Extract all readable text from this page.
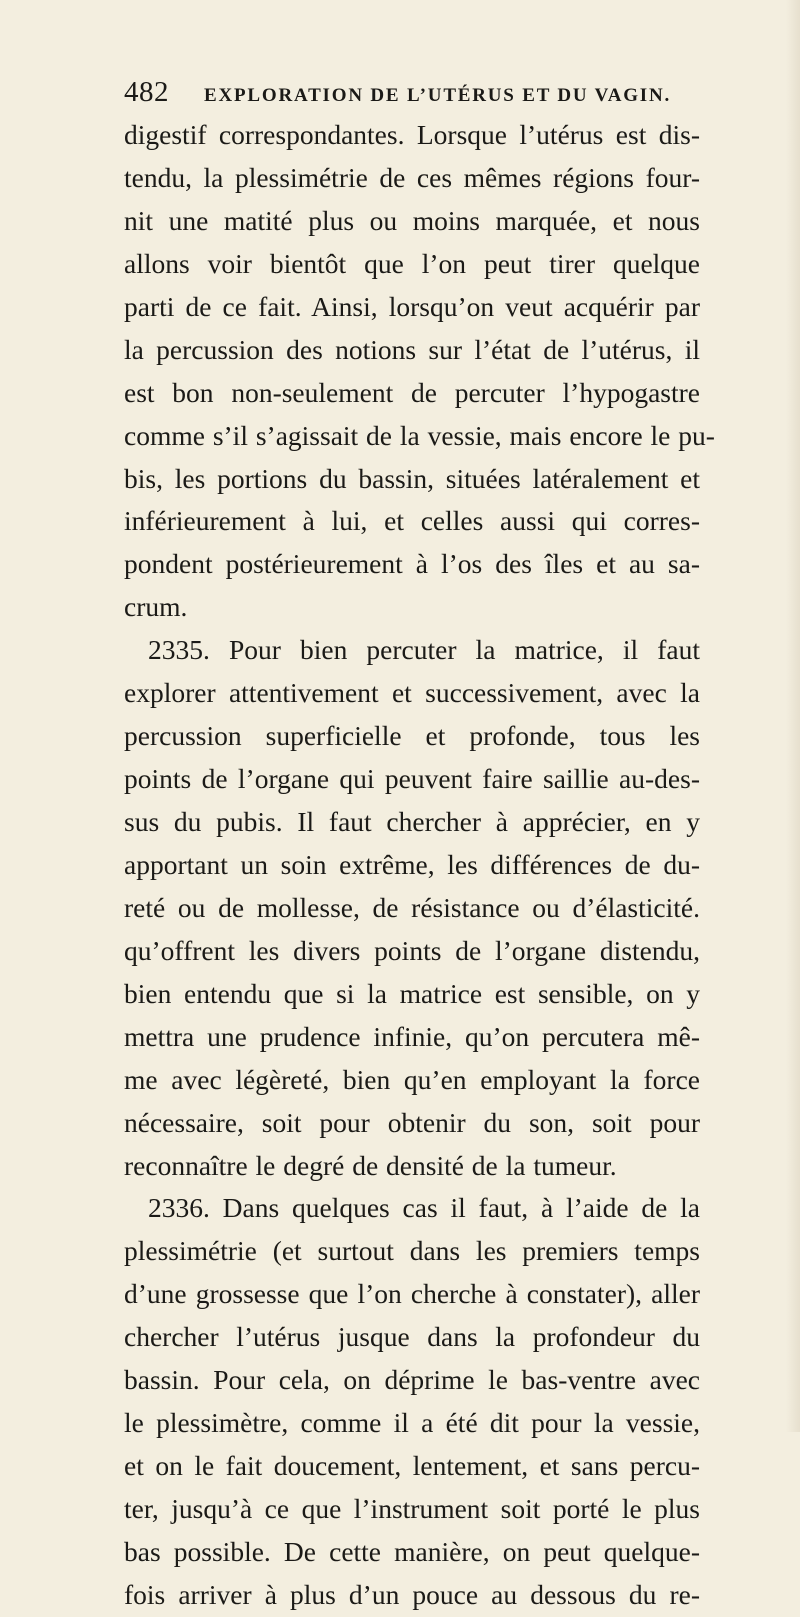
482	EXPLORATION DE L’UTÉRUS ET DU VAGIN.
digestif correspondantes. Lorsque l’utérus est dis-
tendu, la plessimétrie de ces mêmes régions four-
nit une matité plus ou moins marquée, et nous
allons voir bientôt que l’on peut tirer quelque
parti de ce fait. Ainsi, lorsqu’on veut acquérir par
la percussion des notions sur l’état de l’utérus, il
est bon non-seulement de percuter l’hypogastre
comme s’il s’agissait de la vessie, mais encore le pu-
bis, les portions du bassin, situées latéralement et
inférieurement à lui, et celles aussi qui corres-
pondent postérieurement à l’os des îles et au sa-
crum.
2335. Pour bien percuter la matrice, il faut
explorer attentivement et successivement, avec la
percussion superficielle et profonde, tous les
points de l’organe qui peuvent faire saillie au-des-
sus du pubis. Il faut chercher à apprécier, en y
apportant un soin extrême, les différences de du-
reté ou de mollesse, de résistance ou d’élasticité.
qu’offrent les divers points de l’organe distendu,
bien entendu que si la matrice est sensible, on y
mettra une prudence infinie, qu’on percutera mê-
me avec légèreté, bien qu’en employant la force
nécessaire, soit pour obtenir du son, soit pour
reconnaître le degré de densité de la tumeur.
2336. Dans quelques cas il faut, à l’aide de la
plessimétrie (et surtout dans les premiers temps
d’une grossesse que l’on cherche à constater), aller
chercher l’utérus jusque dans la profondeur du
bassin. Pour cela, on déprime le bas-ventre avec
le plessimètre, comme il a été dit pour la vessie,
et on le fait doucement, lentement, et sans percu-
ter, jusqu’à ce que l’instrument soit porté le plus
bas possible. De cette manière, on peut quelque-
fois arriver à plus d’un pouce au dessous du re-
